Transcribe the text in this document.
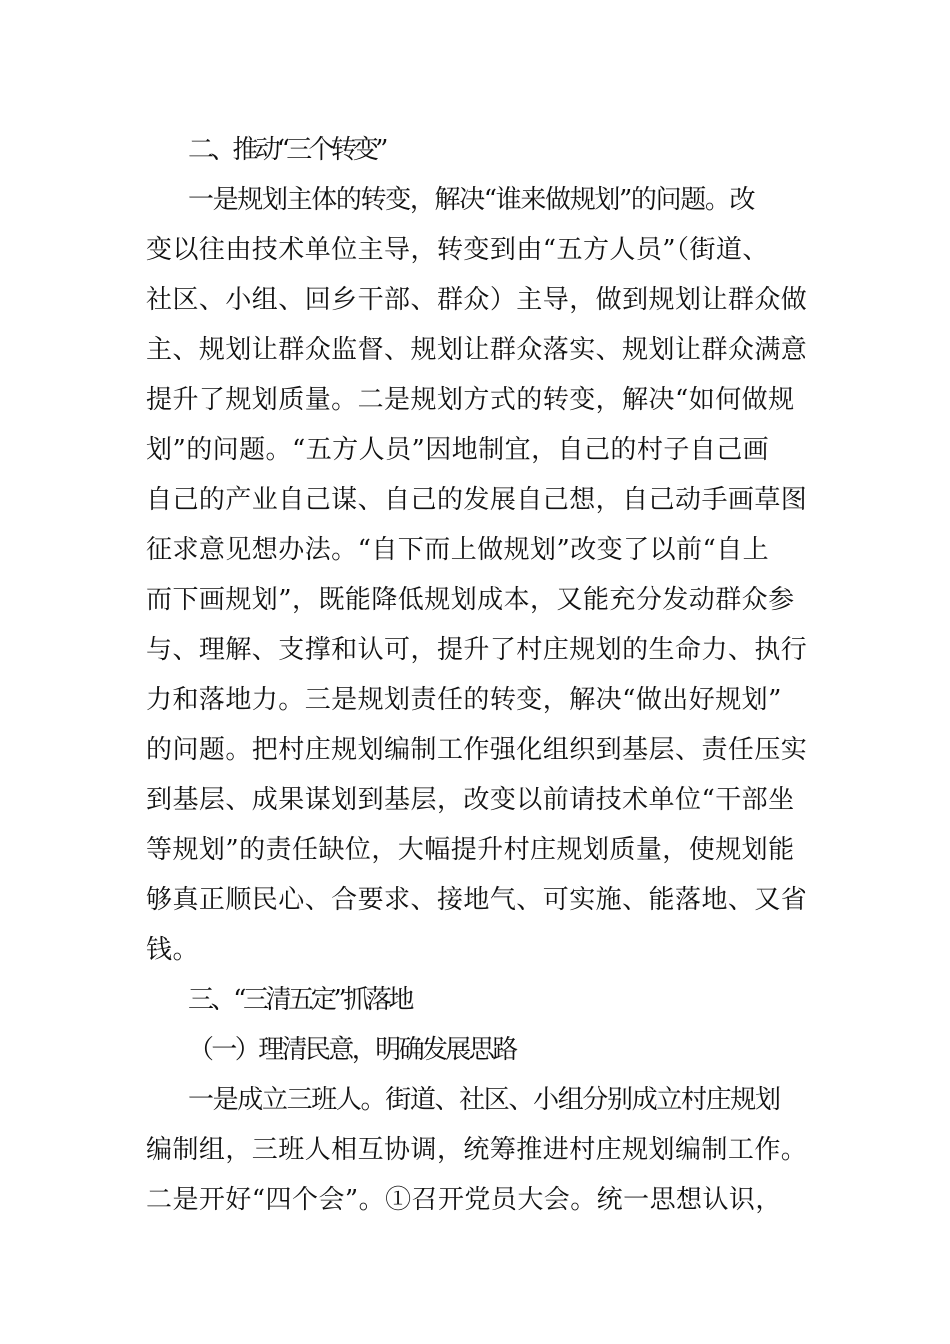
二、推动“三个转变”
一是规划主体的转变，解决“谁来做规划”的问题。改
变以往由技术单位主导，转变到由“五方人员”（街道、
社区、小组、回乡干部、群众）主导，做到规划让群众做
主、规划让群众监督、规划让群众落实、规划让群众满意
提升了规划质量。二是规划方式的转变，解决“如何做规
划”的问题。“五方人员”因地制宜，自己的村子自己画
自己的产业自己谋、自己的发展自己想，自己动手画草图
征求意见想办法。“自下而上做规划”改变了以前“自上
而下画规划”，既能降低规划成本，又能充分发动群众参
与、理解、支撑和认可，提升了村庄规划的生命力、执行
力和落地力。三是规划责任的转变，解决“做出好规划”
的问题。把村庄规划编制工作强化组织到基层、责任压实
到基层、成果谋划到基层，改变以前请技术单位“干部坐
等规划”的责任缺位，大幅提升村庄规划质量，使规划能
够真正顺民心、合要求、接地气、可实施、能落地、又省
钱。
三、“三清五定”抓落地
（一）理清民意，明确发展思路
一是成立三班人。街道、社区、小组分别成立村庄规划
编制组，三班人相互协调，统筹推进村庄规划编制工作。
二是开好“四个会”。①召开党员大会。统一思想认识，
